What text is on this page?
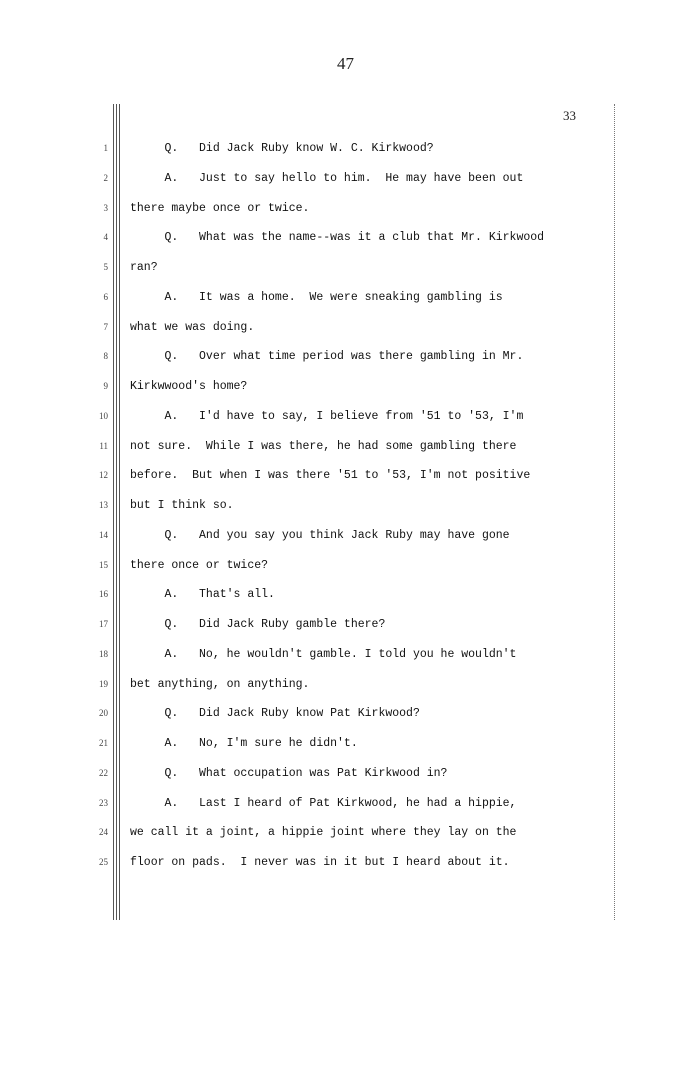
47
33
1
2
3
4
5
6
7
8
9
10
11
12
13
14
15
16
17
18
19
20
21
22
23
24
25
Q.   Did Jack Ruby know W. C. Kirkwood?
A.   Just to say hello to him.  He may have been out
there maybe once or twice.
Q.   What was the name--was it a club that Mr. Kirkwood
ran?
A.   It was a home.  We were sneaking gambling is
what we was doing.
Q.   Over what time period was there gambling in Mr.
Kirkwwood's home?
A.   I'd have to say, I believe from '51 to '53, I'm
not sure.  While I was there, he had some gambling there
before.  But when I was there '51 to '53, I'm not positive
but I think so.
Q.   And you say you think Jack Ruby may have gone
there once or twice?
A.   That's all.
Q.   Did Jack Ruby gamble there?
A.   No, he wouldn't gamble. I told you he wouldn't
bet anything, on anything.
Q.   Did Jack Ruby know Pat Kirkwood?
A.   No, I'm sure he didn't.
Q.   What occupation was Pat Kirkwood in?
A.   Last I heard of Pat Kirkwood, he had a hippie,
we call it a joint, a hippie joint where they lay on the
floor on pads.  I never was in it but I heard about it.
